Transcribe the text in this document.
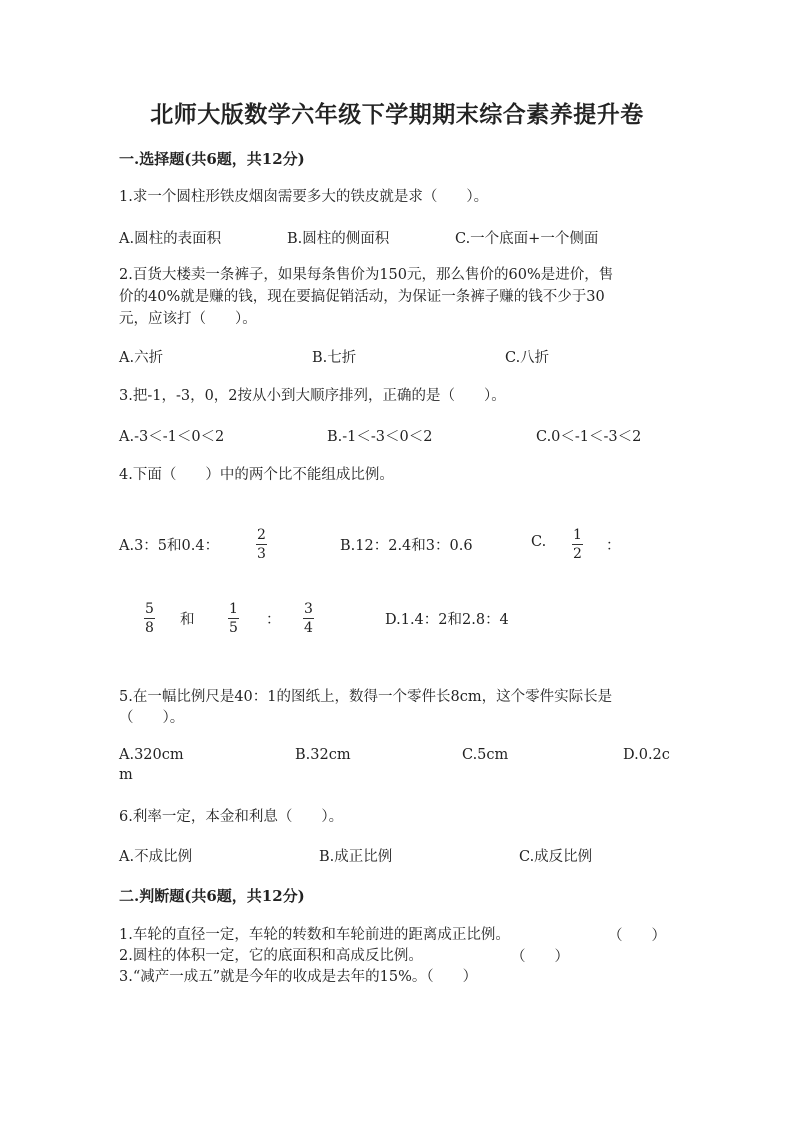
北师大版数学六年级下学期期末综合素养提升卷
一.选择题(共6题，共12分)
1.求一个圆柱形铁皮烟囱需要多大的铁皮就是求（　　）。
A.圆柱的表面积	B.圆柱的侧面积	C.一个底面+一个侧面
2.百货大楼卖一条裤子，如果每条售价为150元，那么售价的60%是进价，售
价的40%就是赚的钱，现在要搞促销活动，为保证一条裤子赚的钱不少于30
元，应该打（　　）。
A.六折	B.七折	C.八折
3.把-1，-3，0，2按从小到大顺序排列，正确的是（　　）。
A.-3＜-1＜0＜2	B.-1＜-3＜0＜2	C.0＜-1＜-3＜2
4.下面（　　）中的两个比不能组成比例。
A.3：5和0.4：
2
3	B.12：2.4和3：0.6	C. 1
2 ：
5
8 和
1
5 ：
3
4	D.1.4：2和2.8：4
5.在一幅比例尺是40：1的图纸上，数得一个零件长8cm，这个零件实际长是
（　　）。
A.320cm	B.32cm	C.5cm	D.0.2c
m
6.利率一定，本金和利息（　　）。
A.不成比例	B.成正比例	C.成反比例
二.判断题(共6题，共12分)
1.车轮的直径一定，车轮的转数和车轮前进的距离成正比例。	（　　）
2.圆柱的体积一定，它的底面积和高成反比例。	（　　）
3.“减产一成五”就是今年的收成是去年的15%。（　　）
